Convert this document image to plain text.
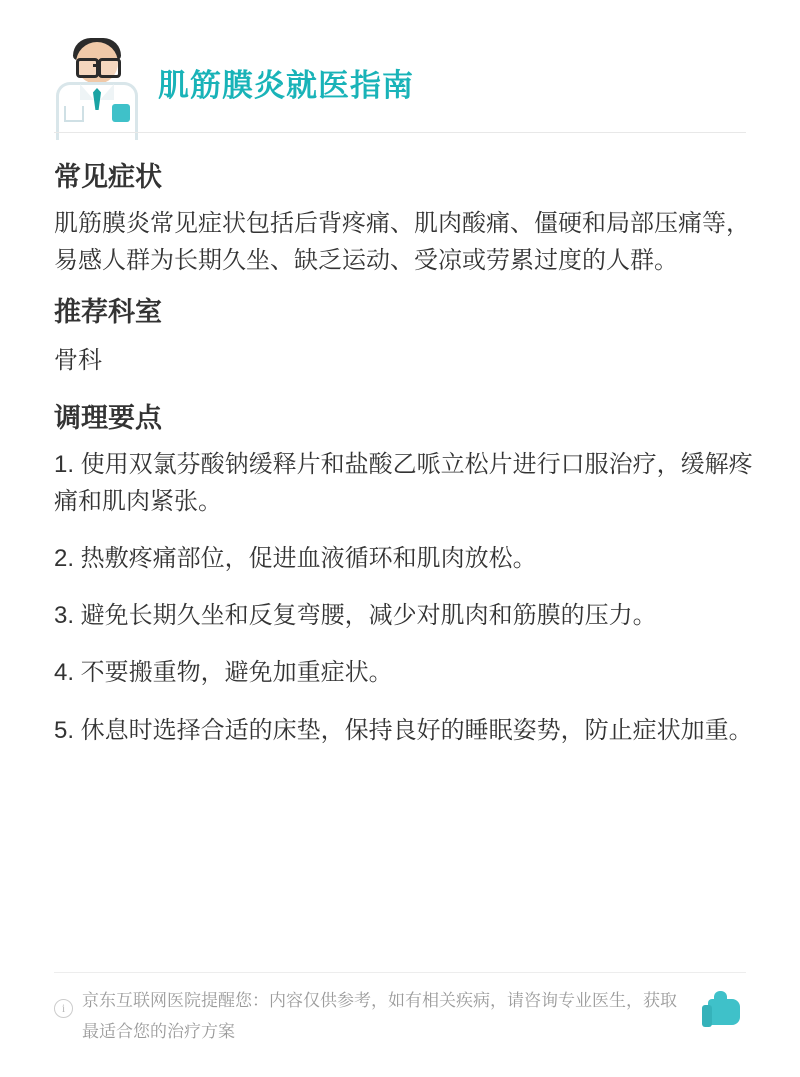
肌筋膜炎就医指南
常见症状

肌筋膜炎常见症状包括后背疼痛、肌肉酸痛、僵硬和局部压痛等，易感人群为长期久坐、缺乏运动、受凉或劳累过度的人群。

推荐科室

骨科

调理要点
1. 使用双氯芬酸钠缓释片和盐酸乙哌立松片进行口服治疗，缓解疼痛和肌肉紧张。
2. 热敷疼痛部位，促进血液循环和肌肉放松。
3. 避免长期久坐和反复弯腰，减少对肌肉和筋膜的压力。
4. 不要搬重物，避免加重症状。
5. 休息时选择合适的床垫，保持良好的睡眠姿势，防止症状加重。
i 京东互联网医院提醒您：内容仅供参考，如有相关疾病，请咨询专业医生，获取最适合您的治疗方案
